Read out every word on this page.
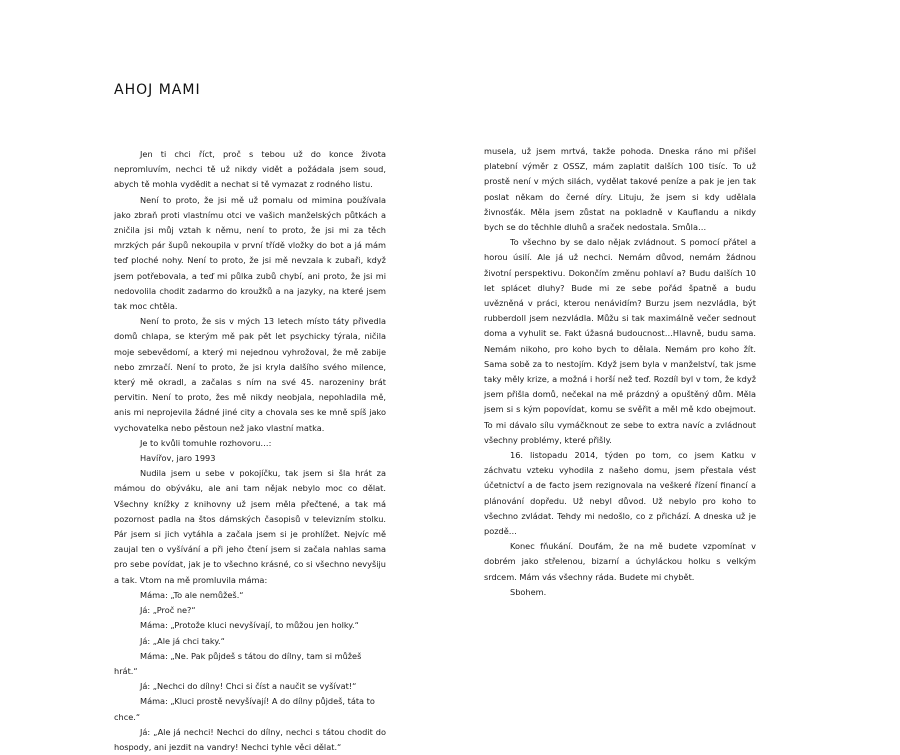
AHOJ MAMI

Jen ti chci říct, proč s tebou už do konce života nepromluvím, nechci tě už nikdy vidět a požádala jsem soud, abych tě mohla vydědit a nechat si tě vymazat z rodného listu.

Není to proto, že jsi mě už pomalu od mimina používala jako zbraň proti vlastnímu otci ve vašich manželských půtkách a zničila jsi můj vztah k němu, není to proto, že jsi mi za těch mrzkých pár šupů nekoupila v první třídě vložky do bot a já mám teď ploché nohy. Není to proto, že jsi mě nevzala k zubaři, když jsem potřebovala, a teď mi půlka zubů chybí, ani proto, že jsi mi nedovolila chodit zadarmo do kroužků a na jazyky, na které jsem tak moc chtěla.

Není to proto, že sis v mých 13 letech místo táty přivedla domů chlapa, se kterým mě pak pět let psychicky týrala, ničila moje sebevědomí, a který mi nejednou vyhrožoval, že mě zabije nebo zmrzačí. Není to proto, že jsi kryla dalšího svého milence, který mě okradl, a začalas s ním na své 45. narozeniny brát pervitin. Není to proto, žes mě nikdy neobjala, nepohladila mě, anis mi neprojevila žádné jiné city a chovala ses ke mně spíš jako vychovatelka nebo pěstoun než jako vlastní matka.

Je to kvůli tomuhle rozhovoru…:

Havířov, jaro 1993

Nudila jsem u sebe v pokojíčku, tak jsem si šla hrát za mámou do obýváku, ale ani tam nějak nebylo moc co dělat. Všechny knížky z knihovny už jsem měla přečtené, a tak má pozornost padla na štos dámských časopisů v televizním stolku. Pár jsem si jich vytáhla a začala jsem si je prohlížet. Nejvíc mě zaujal ten o vyšívání a při jeho čtení jsem si začala nahlas sama pro sebe povídat, jak je to všechno krásné, co si všechno nevyšiju a tak. Vtom na mě promluvila máma:

Máma: „To ale nemůžeš.“

Já: „Proč ne?“

Máma: „Protože kluci nevyšívají, to můžou jen holky.“

Já: „Ale já chci taky.“

Máma: „Ne. Pak půjdeš s tátou do dílny, tam si můžeš hrát.“

Já: „Nechci do dílny! Chci si číst a naučit se vyšívat!“

Máma: „Kluci prostě nevyšívají! A do dílny půjdeš, táta to chce.“

Já: „Ale já nechci! Nechci do dílny, nechci s tátou chodit do hospody, ani jezdit na vandry! Nechci tyhle věci dělat.“

musela, už jsem mrtvá, takže pohoda. Dneska ráno mi přišel platební výměr z OSSZ, mám zaplatit dalších 100 tisíc. To už prostě není v mých silách, vydělat takové peníze a pak je jen tak poslat někam do černé díry. Lituju, že jsem si kdy udělala živnosťák. Měla jsem zůstat na pokladně v Kauflandu a nikdy bych se do těchhle dluhů a sraček nedostala. Smůla…

To všechno by se dalo nějak zvládnout. S pomocí přátel a horou úsilí. Ale já už nechci. Nemám důvod, nemám žádnou životní perspektivu. Dokončím změnu pohlaví a? Budu dalších 10 let splácet dluhy? Bude mi ze sebe pořád špatně a budu uvězněná v práci, kterou nenávidím? Burzu jsem nezvládla, být rubberdoll jsem nezvládla. Můžu si tak maximálně večer sednout doma a vyhulit se. Fakt úžasná budoucnost…Hlavně, budu sama. Nemám nikoho, pro koho bych to dělala. Nemám pro koho žít. Sama sobě za to nestojím. Když jsem byla v manželství, tak jsme taky měly krize, a možná i horší než teď. Rozdíl byl v tom, že když jsem přišla domů, nečekal na mě prázdný a opuštěný dům. Měla jsem si s kým popovídat, komu se svěřit a měl mě kdo obejmout. To mi dávalo sílu vymáčknout ze sebe to extra navíc a zvládnout všechny problémy, které přišly.

16. listopadu 2014, týden po tom, co jsem Katku v záchvatu vzteku vyhodila z našeho domu, jsem přestala vést účetnictví a de facto jsem rezignovala na veškeré řízení financí a plánování dopředu. Už nebyl důvod. Už nebylo pro koho to všechno zvládat. Tehdy mi nedošlo, co z přichází. A dneska už je pozdě…

Konec fňukání. Doufám, že na mě budete vzpomínat v dobrém jako střelenou, bizarní a úchyláckou holku s velkým srdcem. Mám vás všechny ráda. Budete mi chybět.

Sbohem.
